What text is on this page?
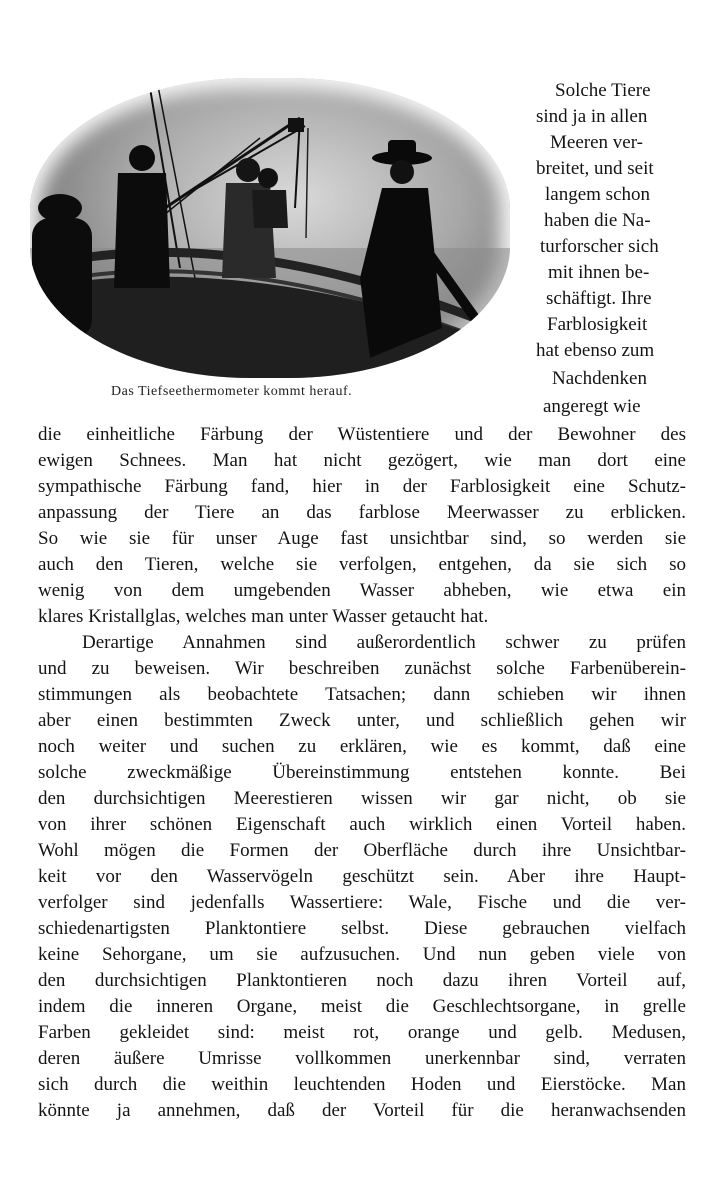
BLACK
Das Tiefseethermometer kommt herauf.
Solche Tiere
sind ja in allen
Meeren ver-
breitet, und seit
langem schon
haben die Na-
turforscher sich
mit ihnen be-
schäftigt. Ihre
Farblosigkeit
hat ebenso zum
Nachdenken
angeregt wie
die einheitliche Färbung der Wüstentiere und der Bewohner des
ewigen Schnees. Man hat nicht gezögert, wie man dort eine
sympathische Färbung fand, hier in der Farblosigkeit eine Schutz-
anpassung der Tiere an das farblose Meerwasser zu erblicken.
So wie sie für unser Auge fast unsichtbar sind, so werden sie
auch den Tieren, welche sie verfolgen, entgehen, da sie sich so
wenig von dem umgebenden Wasser abheben, wie etwa ein
klares Kristallglas, welches man unter Wasser getaucht hat.
Derartige Annahmen sind außerordentlich schwer zu prüfen
und zu beweisen. Wir beschreiben zunächst solche Farbenüberein-
stimmungen als beobachtete Tatsachen; dann schieben wir ihnen
aber einen bestimmten Zweck unter, und schließlich gehen wir
noch weiter und suchen zu erklären, wie es kommt, daß eine
solche zweckmäßige Übereinstimmung entstehen konnte. Bei
den durchsichtigen Meerestieren wissen wir gar nicht, ob sie
von ihrer schönen Eigenschaft auch wirklich einen Vorteil haben.
Wohl mögen die Formen der Oberfläche durch ihre Unsichtbar-
keit vor den Wasservögeln geschützt sein. Aber ihre Haupt-
verfolger sind jedenfalls Wassertiere: Wale, Fische und die ver-
schiedenartigsten Planktontiere selbst. Diese gebrauchen vielfach
keine Sehorgane, um sie aufzusuchen. Und nun geben viele von
den durchsichtigen Planktontieren noch dazu ihren Vorteil auf,
indem die inneren Organe, meist die Geschlechtsorgane, in grelle
Farben gekleidet sind: meist rot, orange und gelb. Medusen,
deren äußere Umrisse vollkommen unerkennbar sind, verraten
sich durch die weithin leuchtenden Hoden und Eierstöcke. Man
könnte ja annehmen, daß der Vorteil für die heranwachsenden
